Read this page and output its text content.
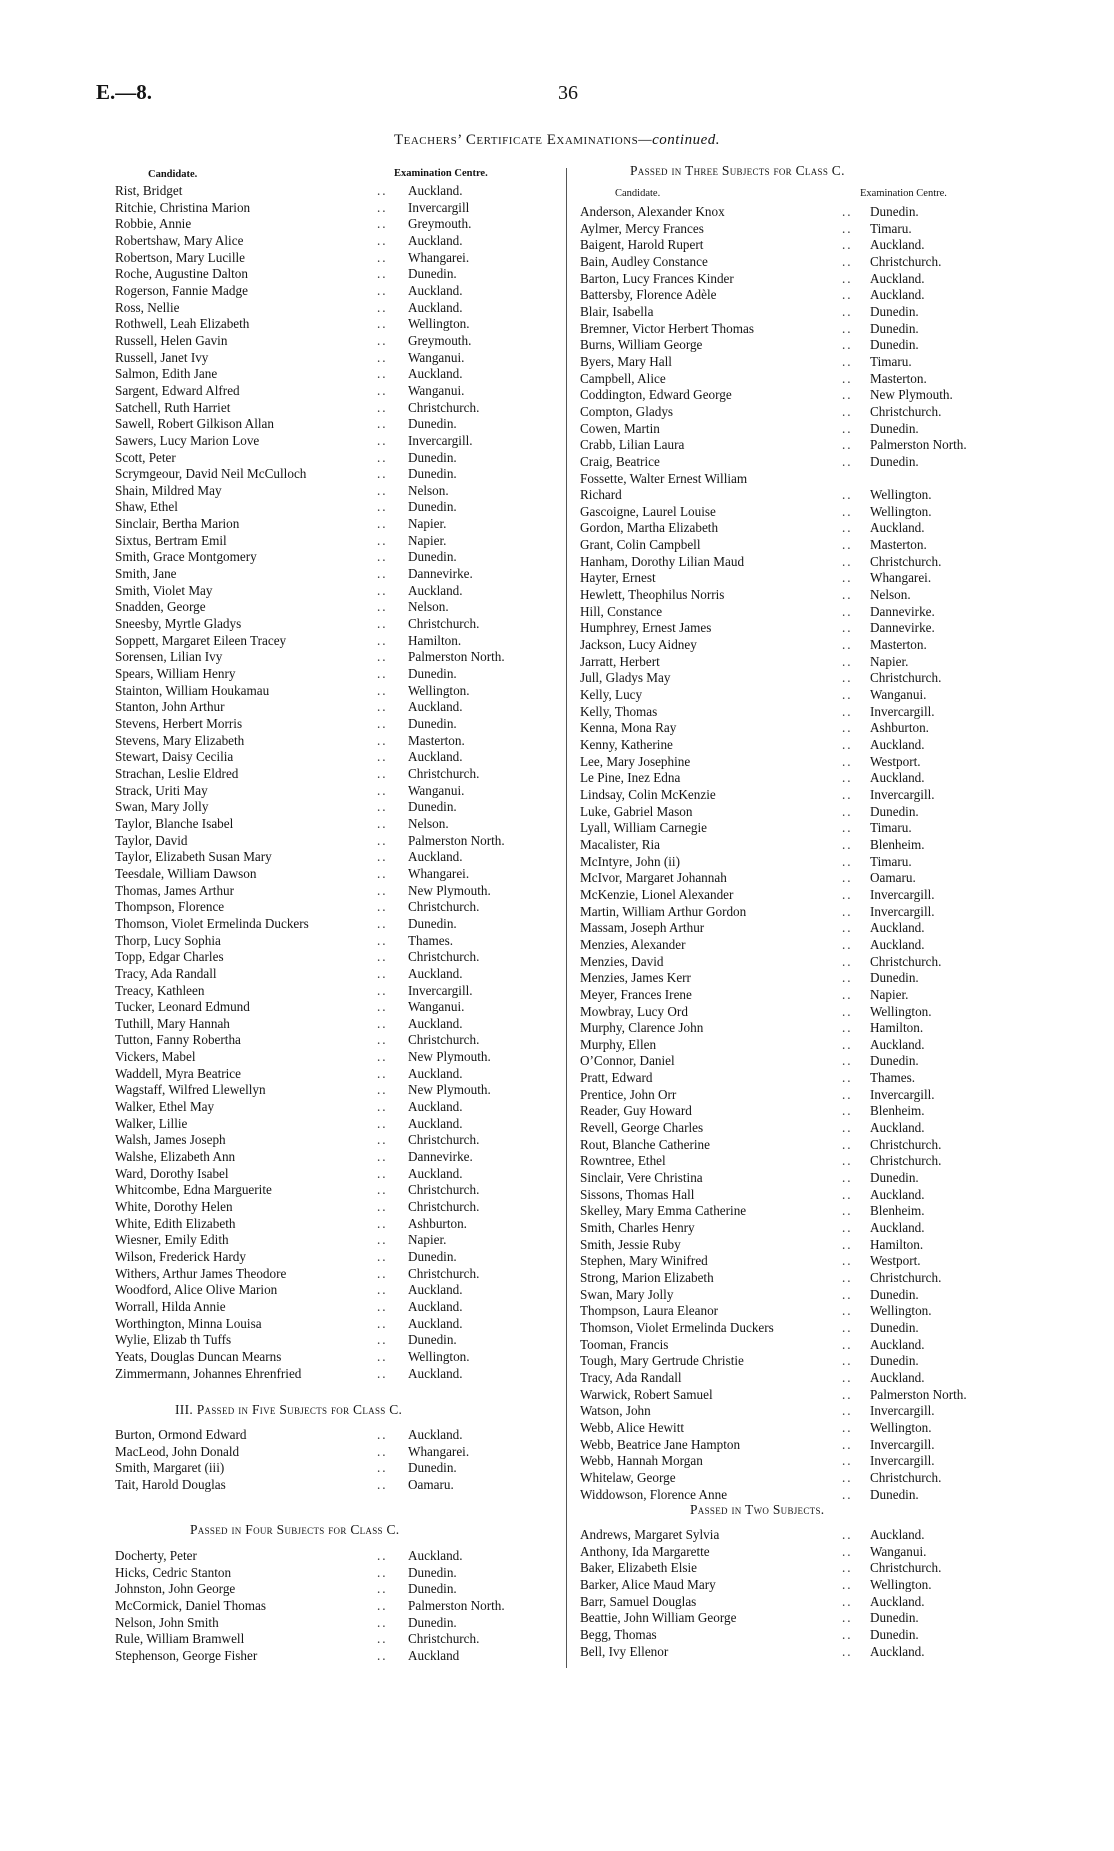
E.—8.	36
Teachers’ Certificate Examinations—continued.
Candidate.	Examination Centre.
Rist, Bridget	.. Auckland.
Ritchie, Christina Marion	.. Invercargill
Robbie, Annie	.. Greymouth.
Robertshaw, Mary Alice	.. Auckland.
Robertson, Mary Lucille	.. Whangarei.
Roche, Augustine Dalton	.. Dunedin.
Rogerson, Fannie Madge	.. Auckland.
Ross, Nellie	.. Auckland.
Rothwell, Leah Elizabeth	.. Wellington.
Russell, Helen Gavin	.. Greymouth.
Russell, Janet Ivy	.. Wanganui.
Salmon, Edith Jane	.. Auckland.
Sargent, Edward Alfred	.. Wanganui.
Satchell, Ruth Harriet	.. Christchurch.
Sawell, Robert Gilkison Allan	.. Dunedin.
Sawers, Lucy Marion Love	.. Invercargill.
Scott, Peter	.. Dunedin.
Scrymgeour, David Neil McCulloch	.. Dunedin.
Shain, Mildred May	.. Nelson.
Shaw, Ethel	.. Dunedin.
Sinclair, Bertha Marion	.. Napier.
Sixtus, Bertram Emil	.. Napier.
Smith, Grace Montgomery	.. Dunedin.
Smith, Jane	.. Dannevirke.
Smith, Violet May	.. Auckland.
Snadden, George	.. Nelson.
Sneesby, Myrtle Gladys	.. Christchurch.
Soppett, Margaret Eileen Tracey	.. Hamilton.
Sorensen, Lilian Ivy	.. Palmerston North.
Spears, William Henry	.. Dunedin.
Stainton, William Houkamau	.. Wellington.
Stanton, John Arthur	.. Auckland.
Stevens, Herbert Morris	.. Dunedin.
Stevens, Mary Elizabeth	.. Masterton.
Stewart, Daisy Cecilia	.. Auckland.
Strachan, Leslie Eldred	.. Christchurch.
Strack, Uriti May	.. Wanganui.
Swan, Mary Jolly	.. Dunedin.
Taylor, Blanche Isabel	.. Nelson.
Taylor, David	.. Palmerston North.
Taylor, Elizabeth Susan Mary	.. Auckland.
Teesdale, William Dawson	.. Whangarei.
Thomas, James Arthur	.. New Plymouth.
Thompson, Florence	.. Christchurch.
Thomson, Violet Ermelinda Duckers	.. Dunedin.
Thorp, Lucy Sophia	.. Thames.
Topp, Edgar Charles	.. Christchurch.
Tracy, Ada Randall	.. Auckland.
Treacy, Kathleen	.. Invercargill.
Tucker, Leonard Edmund	.. Wanganui.
Tuthill, Mary Hannah	.. Auckland.
Tutton, Fanny Robertha	.. Christchurch.
Vickers, Mabel	.. New Plymouth.
Waddell, Myra Beatrice	.. Auckland.
Wagstaff, Wilfred Llewellyn	.. New Plymouth.
Walker, Ethel May	.. Auckland.
Walker, Lillie	.. Auckland.
Walsh, James Joseph	.. Christchurch.
Walshe, Elizabeth Ann	.. Dannevirke.
Ward, Dorothy Isabel	.. Auckland.
Whitcombe, Edna Marguerite	.. Christchurch.
White, Dorothy Helen	.. Christchurch.
White, Edith Elizabeth	.. Ashburton.
Wiesner, Emily Edith	.. Napier.
Wilson, Frederick Hardy	.. Dunedin.
Withers, Arthur James Theodore	.. Christchurch.
Woodford, Alice Olive Marion	.. Auckland.
Worrall, Hilda Annie	.. Auckland.
Worthington, Minna Louisa	.. Auckland.
Wylie, Elizab th Tuffs	.. Dunedin.
Yeats, Douglas Duncan Mearns	.. Wellington.
Zimmermann, Johannes Ehrenfried	.. Auckland.
III. Passed in Five Subjects for Class C.
Burton, Ormond Edward	.. Auckland.
MacLeod, John Donald	.. Whangarei.
Smith, Margaret (iii)	.. Dunedin.
Tait, Harold Douglas	.. Oamaru.
Passed in Four Subjects for Class C.
Docherty, Peter	.. Auckland.
Hicks, Cedric Stanton	.. Dunedin.
Johnston, John George	.. Dunedin.
McCormick, Daniel Thomas	.. Palmerston North.
Nelson, John Smith	.. Dunedin.
Rule, William Bramwell	.. Christchurch.
Stephenson, George Fisher	.. Auckland
Passed in Three Subjects for Class C.
Candidate.	Examination Centre.
Anderson, Alexander Knox	.. Dunedin.
Aylmer, Mercy Frances	.. Timaru.
Baigent, Harold Rupert	.. Auckland.
Bain, Audley Constance	.. Christchurch.
Barton, Lucy Frances Kinder	.. Auckland.
Battersby, Florence Adèle	.. Auckland.
Blair, Isabella	.. Dunedin.
Bremner, Victor Herbert Thomas	.. Dunedin.
Burns, William George	.. Dunedin.
Byers, Mary Hall	.. Timaru.
Campbell, Alice	.. Masterton.
Coddington, Edward George	.. New Plymouth.
Compton, Gladys	.. Christchurch.
Cowen, Martin	.. Dunedin.
Crabb, Lilian Laura	.. Palmerston North.
Craig, Beatrice	.. Dunedin.
Fossette, Walter Ernest William
Richard	.. Wellington.
Gascoigne, Laurel Louise	.. Wellington.
Gordon, Martha Elizabeth	.. Auckland.
Grant, Colin Campbell	.. Masterton.
Hanham, Dorothy Lilian Maud	.. Christchurch.
Hayter, Ernest	.. Whangarei.
Hewlett, Theophilus Norris	.. Nelson.
Hill, Constance	.. Dannevirke.
Humphrey, Ernest James	.. Dannevirke.
Jackson, Lucy Aidney	.. Masterton.
Jarratt, Herbert	.. Napier.
Jull, Gladys May	.. Christchurch.
Kelly, Lucy	.. Wanganui.
Kelly, Thomas	.. Invercargill.
Kenna, Mona Ray	.. Ashburton.
Kenny, Katherine	.. Auckland.
Lee, Mary Josephine	.. Westport.
Le Pine, Inez Edna	.. Auckland.
Lindsay, Colin McKenzie	.. Invercargill.
Luke, Gabriel Mason	.. Dunedin.
Lyall, William Carnegie	.. Timaru.
Macalister, Ria	.. Blenheim.
McIntyre, John (ii)	.. Timaru.
McIvor, Margaret Johannah	.. Oamaru.
McKenzie, Lionel Alexander	.. Invercargill.
Martin, William Arthur Gordon	.. Invercargill.
Massam, Joseph Arthur	.. Auckland.
Menzies, Alexander	.. Auckland.
Menzies, David	.. Christchurch.
Menzies, James Kerr	.. Dunedin.
Meyer, Frances Irene	.. Napier.
Mowbray, Lucy Ord	.. Wellington.
Murphy, Clarence John	.. Hamilton.
Murphy, Ellen	.. Auckland.
O’Connor, Daniel	.. Dunedin.
Pratt, Edward	.. Thames.
Prentice, John Orr	.. Invercargill.
Reader, Guy Howard	.. Blenheim.
Revell, George Charles	.. Auckland.
Rout, Blanche Catherine	.. Christchurch.
Rowntree, Ethel	.. Christchurch.
Sinclair, Vere Christina	.. Dunedin.
Sissons, Thomas Hall	.. Auckland.
Skelley, Mary Emma Catherine	.. Blenheim.
Smith, Charles Henry	.. Auckland.
Smith, Jessie Ruby	.. Hamilton.
Stephen, Mary Winifred	.. Westport.
Strong, Marion Elizabeth	.. Christchurch.
Swan, Mary Jolly	.. Dunedin.
Thompson, Laura Eleanor	.. Wellington.
Thomson, Violet Ermelinda Duckers	.. Dunedin.
Tooman, Francis	.. Auckland.
Tough, Mary Gertrude Christie	.. Dunedin.
Tracy, Ada Randall	.. Auckland.
Warwick, Robert Samuel	.. Palmerston North.
Watson, John	.. Invercargill.
Webb, Alice Hewitt	.. Wellington.
Webb, Beatrice Jane Hampton	.. Invercargill.
Webb, Hannah Morgan	.. Invercargill.
Whitelaw, George	.. Christchurch.
Widdowson, Florence Anne	.. Dunedin.
Passed in Two Subjects.
Andrews, Margaret Sylvia	.. Auckland.
Anthony, Ida Margarette	.. Wanganui.
Baker, Elizabeth Elsie	.. Christchurch.
Barker, Alice Maud Mary	.. Wellington.
Barr, Samuel Douglas	.. Auckland.
Beattie, John William George	.. Dunedin.
Begg, Thomas	.. Dunedin.
Bell, Ivy Ellenor	.. Auckland.
